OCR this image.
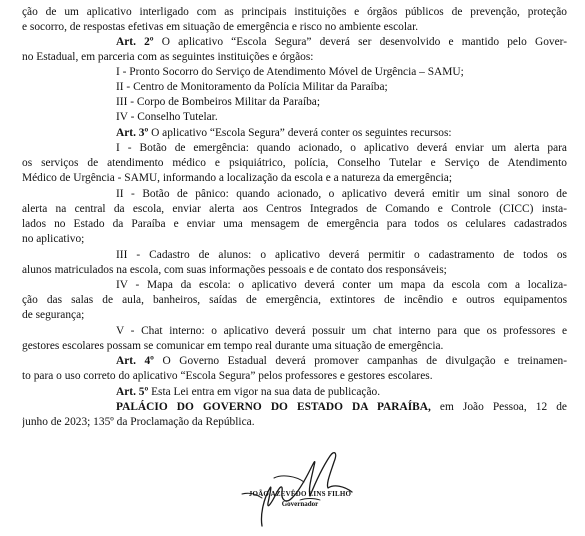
ção de um aplicativo interligado com as principais instituições e órgãos públicos de prevenção, proteção
e socorro, de respostas efetivas em situação de emergência e risco no ambiente escolar.
Art. 2º O aplicativo “Escola Segura” deverá ser desenvolvido e mantido pelo Gover-
no Estadual, em parceria com as seguintes instituições e órgãos:
I - Pronto Socorro do Serviço de Atendimento Móvel de Urgência – SAMU;
II - Centro de Monitoramento da Polícia Militar da Paraíba;
III - Corpo de Bombeiros Militar da Paraíba;
IV - Conselho Tutelar.
Art. 3º O aplicativo “Escola Segura” deverá conter os seguintes recursos:
I - Botão de emergência: quando acionado, o aplicativo deverá enviar um alerta para
os serviços de atendimento médico e psiquiátrico, polícia, Conselho Tutelar e Serviço de Atendimento
Médico de Urgência - SAMU, informando a localização da escola e a natureza da emergência;
II - Botão de pânico: quando acionado, o aplicativo deverá emitir um sinal sonoro de
alerta na central da escola, enviar alerta aos Centros Integrados de Comando e Controle (CICC) insta-
lados no Estado da Paraíba e enviar uma mensagem de emergência para todos os celulares cadastrados
no aplicativo;
III - Cadastro de alunos: o aplicativo deverá permitir o cadastramento de todos os
alunos matriculados na escola, com suas informações pessoais e de contato dos responsáveis;
IV - Mapa da escola: o aplicativo deverá conter um mapa da escola com a localiza-
ção das salas de aula, banheiros, saídas de emergência, extintores de incêndio e outros equipamentos
de segurança;
V - Chat interno: o aplicativo deverá possuir um chat interno para que os professores e
gestores escolares possam se comunicar em tempo real durante uma situação de emergência.
Art. 4º O Governo Estadual deverá promover campanhas de divulgação e treinamen-
to para o uso correto do aplicativo “Escola Segura” pelos professores e gestores escolares.
Art. 5º Esta Lei entra em vigor na sua data de publicação.
PALÁCIO DO GOVERNO DO ESTADO DA PARAÍBA, em João Pessoa, 12 de
junho de 2023; 135º da Proclamação da República.
JOÃO AZEVÊDO LINS FILHO
Governador
